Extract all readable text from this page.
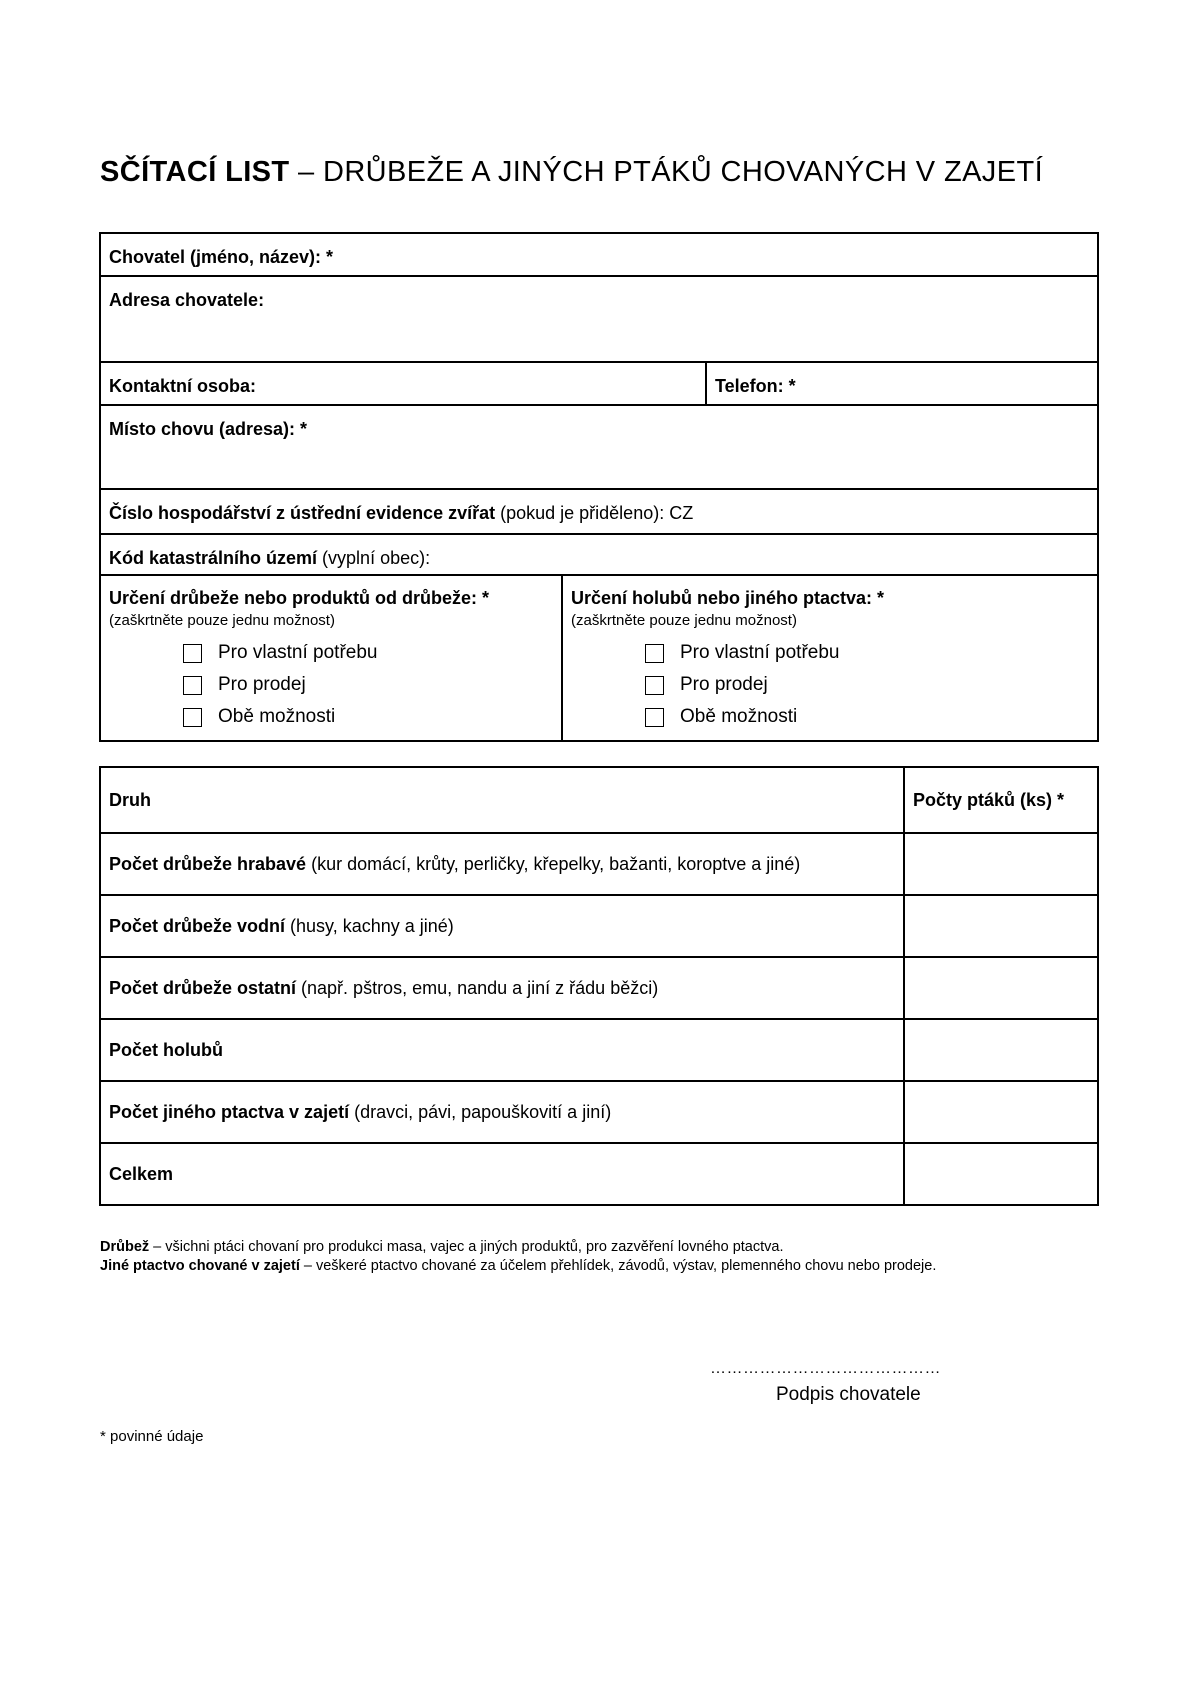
SČÍTACÍ LIST – DRŮBEŽE A JINÝCH PTÁKŮ CHOVANÝCH V ZAJETÍ
Chovatel (jméno, název): *
Adresa chovatele:
Kontaktní osoba:	Telefon: *
Místo chovu (adresa): *
Číslo hospodářství z ústřední evidence zvířat (pokud je přiděleno): CZ
Kód katastrálního území (vyplní obec):
Určení drůbeže nebo produktů od drůbeže: *
(zaškrtněte pouze jednu možnost)
Pro vlastní potřebu
Pro prodej
Obě možnosti
Určení holubů nebo jiného ptactva: *
(zaškrtněte pouze jednu možnost)
Pro vlastní potřebu
Pro prodej
Obě možnosti
Druh	Počty ptáků (ks) *
Počet drůbeže hrabavé (kur domácí, krůty, perličky, křepelky, bažanti, koroptve a jiné)	
Počet drůbeže vodní (husy, kachny a jiné)	
Počet drůbeže ostatní (např. pštros, emu, nandu a jiní z řádu běžci)	
Počet holubů	
Počet jiného ptactva v zajetí (dravci, pávi, papouškovití a jiní)	
Celkem	
Drůbež – všichni ptáci chovaní pro produkci masa, vajec a jiných produktů, pro zazvěření lovného ptactva.
Jiné ptactvo chované v zajetí – veškeré ptactvo chované za účelem přehlídek, závodů, výstav, plemenného chovu nebo prodeje.
……………………………………
Podpis chovatele
* povinné údaje
